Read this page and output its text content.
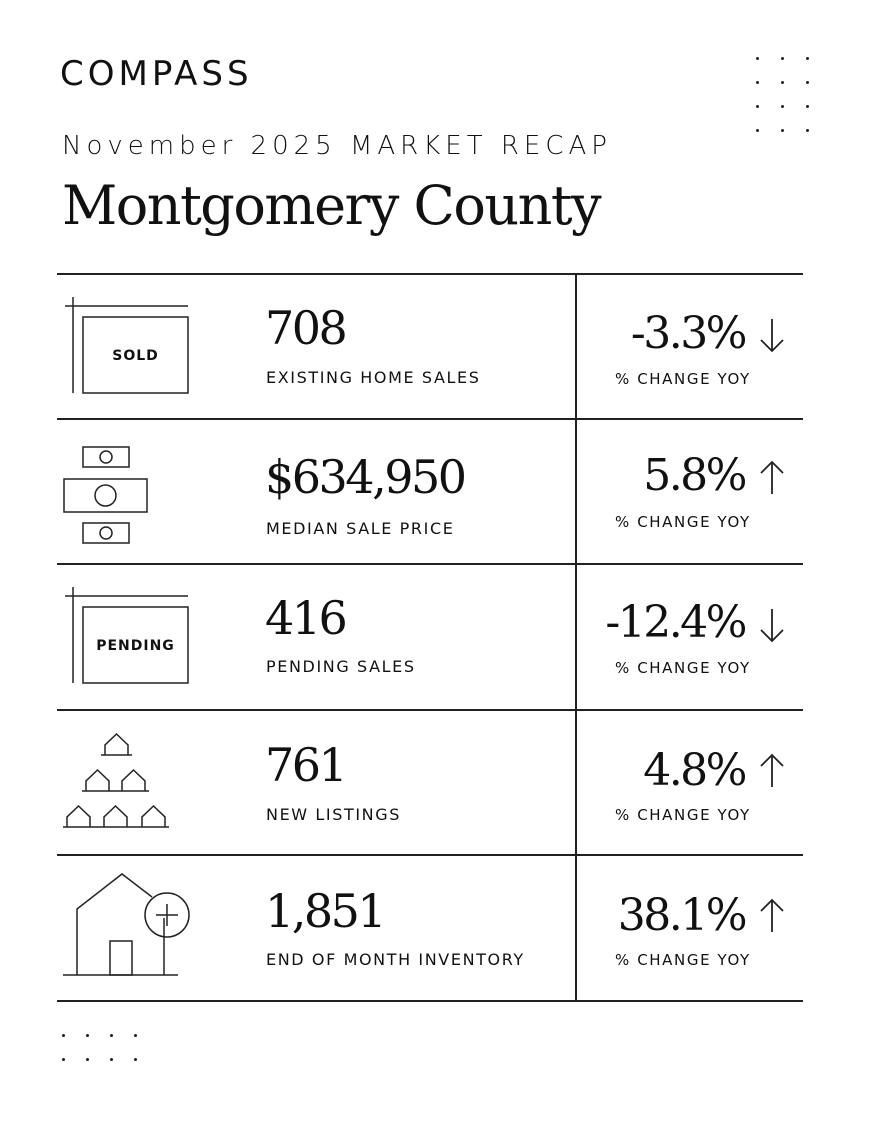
COMPASS
November 2025 MARKET RECAP
Montgomery County
SOLD
708
EXISTING HOME SALES
-3.3%
% CHANGE YOY
$634,950
MEDIAN SALE PRICE
5.8%
% CHANGE YOY
PENDING
416
PENDING SALES
-12.4%
% CHANGE YOY
761
NEW LISTINGS
4.8%
% CHANGE YOY
1,851
END OF MONTH INVENTORY
38.1%
% CHANGE YOY
